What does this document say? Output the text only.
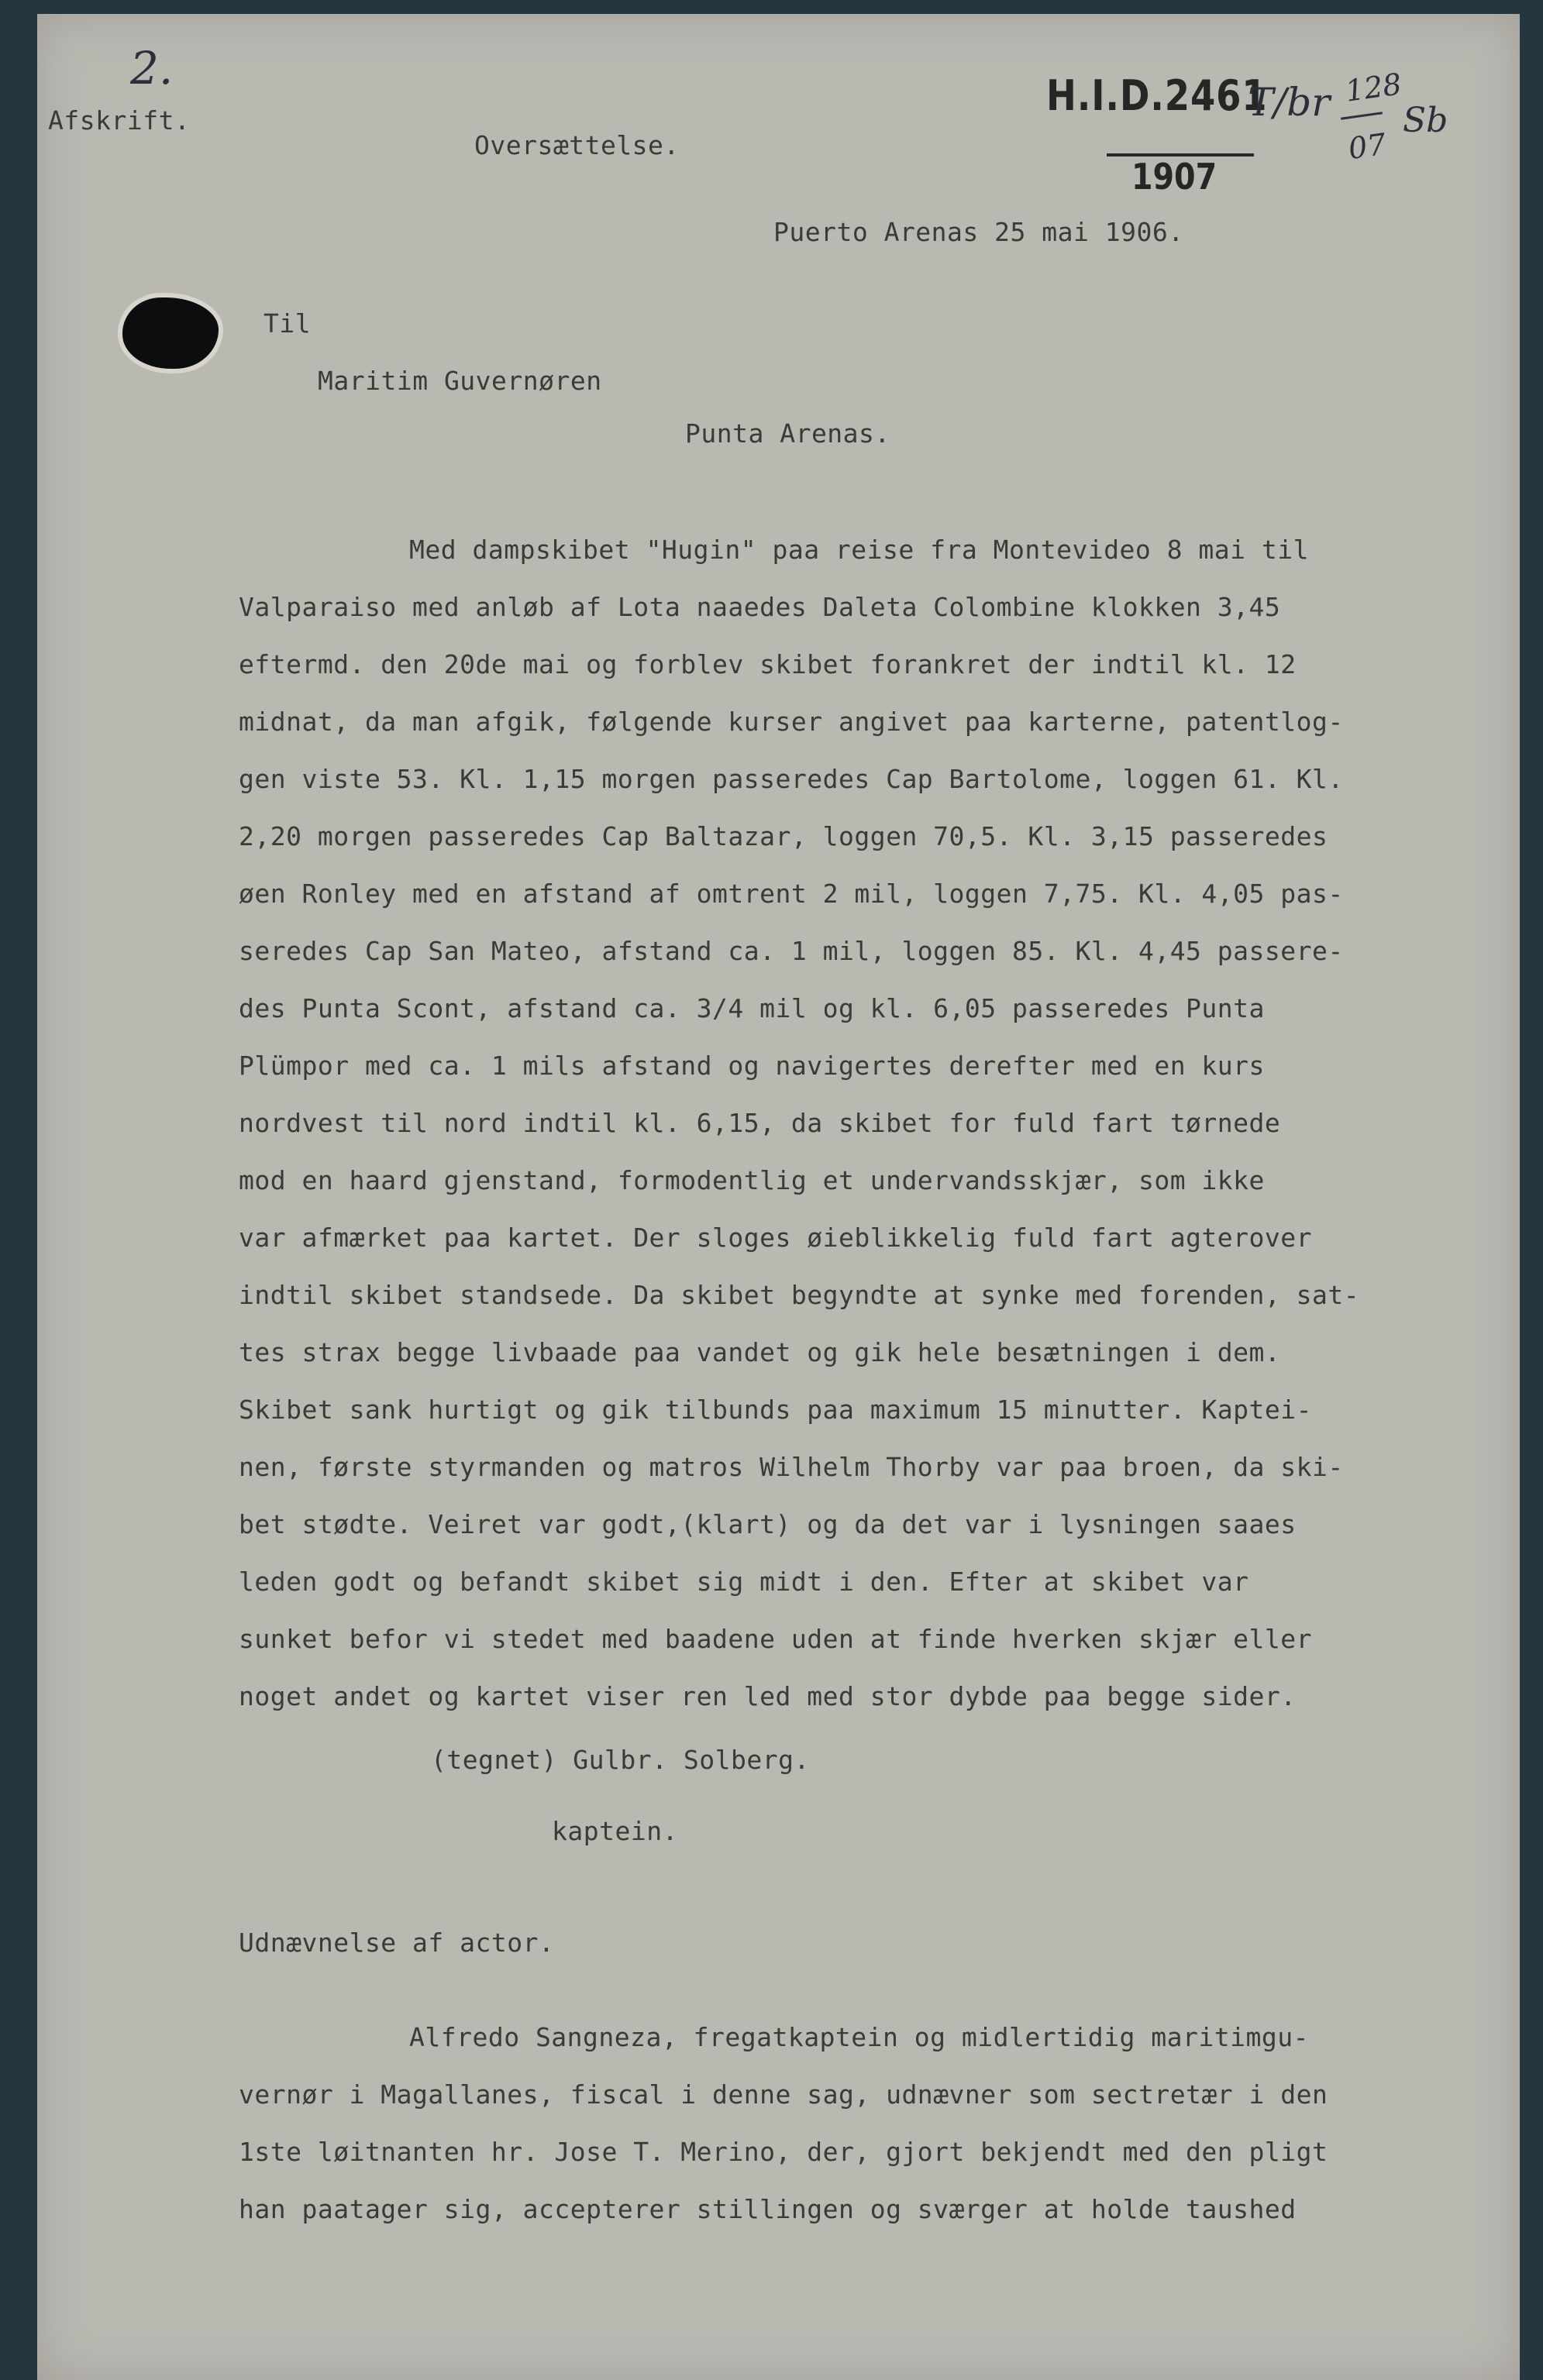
2.

Afskrift.

H.I.D.2461

1907

T/br 128

07

Sb

Oversættelse.

Puerto Arenas 25 mai 1906.

Til

Maritim Guvernøren

Punta Arenas.

Med dampskibet "Hugin" paa reise fra Montevideo 8 mai til

Valparaiso med anløb af Lota naaedes Daleta Colombine klokken 3,45

eftermd. den 20de mai og forblev skibet forankret der indtil kl. 12

midnat, da man afgik, følgende kurser angivet paa karterne, patentlog-

gen viste 53. Kl. 1,15 morgen passeredes Cap Bartolome, loggen 61. Kl.

2,20 morgen passeredes Cap Baltazar, loggen 70,5. Kl. 3,15 passeredes

øen Ronley med en afstand af omtrent 2 mil, loggen 7,75. Kl. 4,05 pas-

seredes Cap San Mateo, afstand ca. 1 mil, loggen 85. Kl. 4,45 passere-

des Punta Scont, afstand ca. 3/4 mil og kl. 6,05 passeredes Punta

Plümpor med ca. 1 mils afstand og navigertes derefter med en kurs

nordvest til nord indtil kl. 6,15, da skibet for fuld fart tørnede

mod en haard gjenstand, formodentlig et undervandsskjær, som ikke

var afmærket paa kartet. Der sloges øieblikkelig fuld fart agterover

indtil skibet standsede. Da skibet begyndte at synke med forenden, sat-

tes strax begge livbaade paa vandet og gik hele besætningen i dem.

Skibet sank hurtigt og gik tilbunds paa maximum 15 minutter. Kaptei-

nen, første styrmanden og matros Wilhelm Thorby var paa broen, da ski-

bet stødte. Veiret var godt,(klart) og da det var i lysningen saaes

leden godt og befandt skibet sig midt i den. Efter at skibet var

sunket befor vi stedet med baadene uden at finde hverken skjær eller

noget andet og kartet viser ren led med stor dybde paa begge sider.

(tegnet) Gulbr. Solberg.

kaptein.

Udnævnelse af actor.

Alfredo Sangneza, fregatkaptein og midlertidig maritimgu-

vernør i Magallanes, fiscal i denne sag, udnævner som sectretær i den

1ste løitnanten hr. Jose T. Merino, der, gjort bekjendt med den pligt

han paatager sig, accepterer stillingen og sværger at holde taushed
